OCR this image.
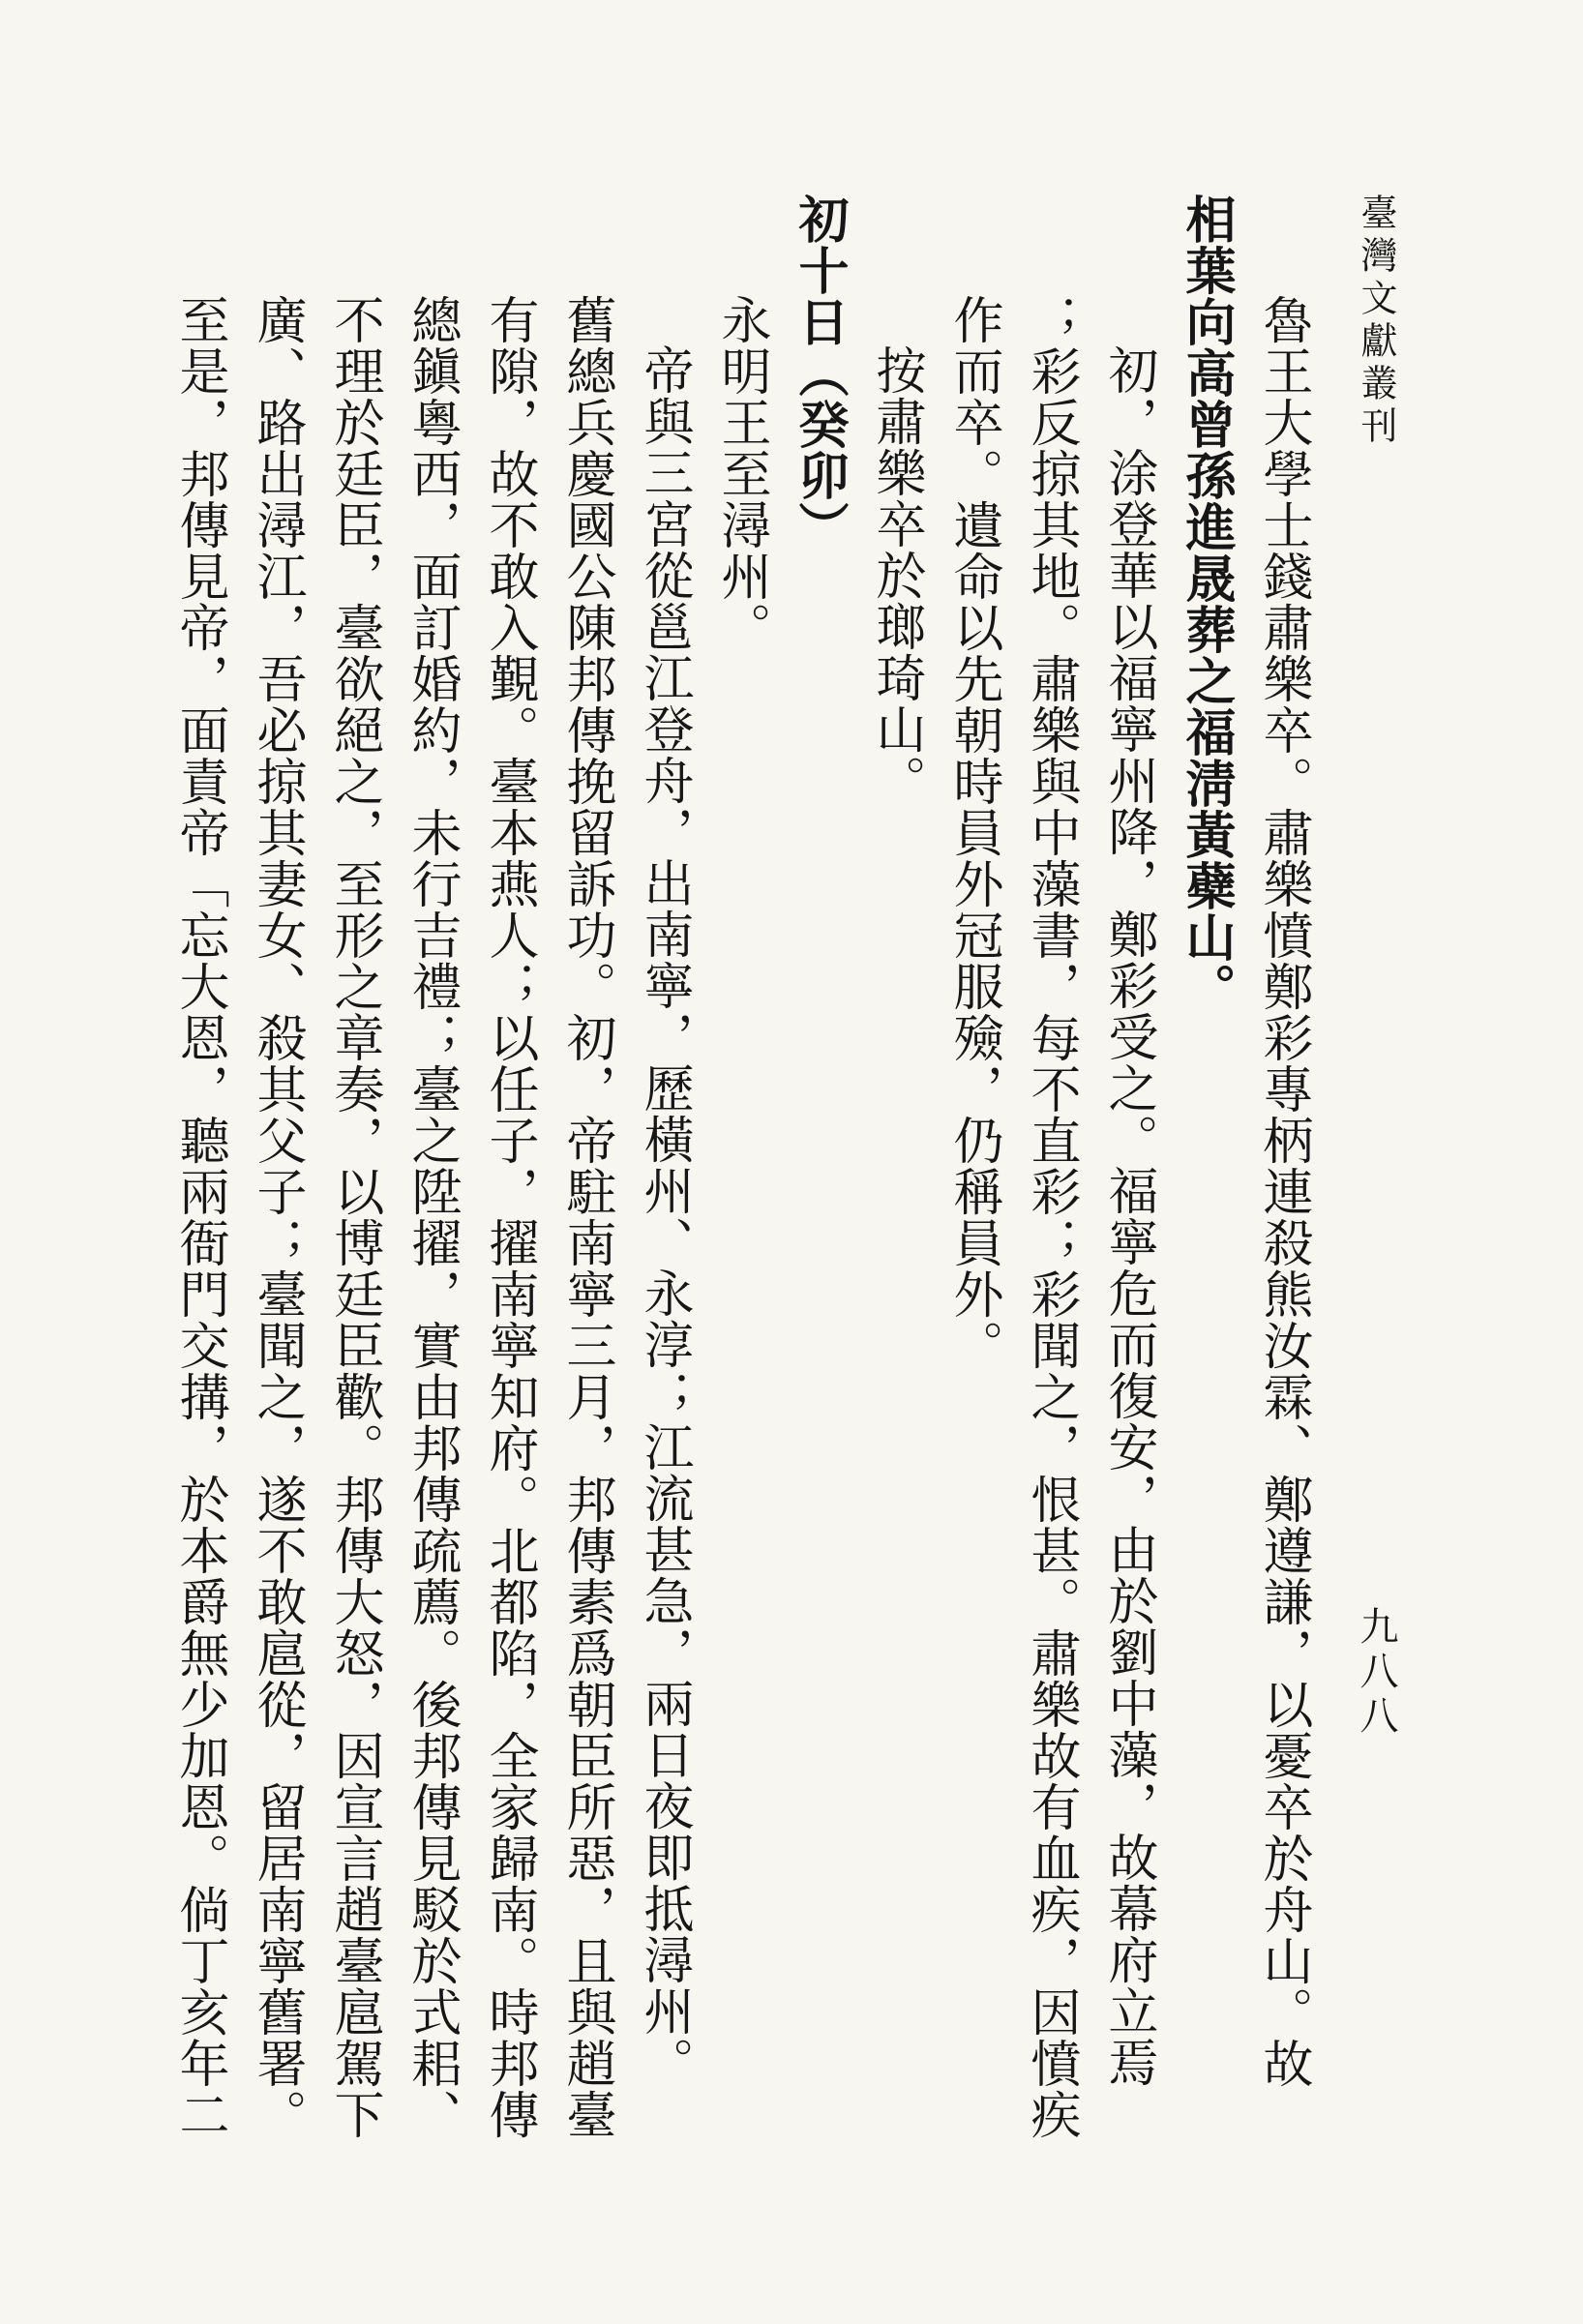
臺灣文獻叢刊
九八八
魯王大學士錢肅樂卒。肅樂憤鄭彩專柄連殺熊汝霖、鄭遵謙，以憂卒於舟山。故
相葉向高曾孫進晟葬之福淸黃蘗山。
初，涂登華以福寧州降，鄭彩受之。福寧危而復安，由於劉中藻，故幕府立焉
；彩反掠其地。肅樂與中藻書，每不直彩；彩聞之，恨甚。肅樂故有血疾，因憤疾
作而卒。遺命以先朝時員外冠服殮，仍稱員外。
按肅樂卒於瑯琦山。
初十日（癸卯）
永明王至潯州。
帝與三宮從邕江登舟，出南寧，歷橫州、永淳；江流甚急，兩日夜即抵潯州。
舊總兵慶國公陳邦傳挽留訴功。初，帝駐南寧三月，邦傳素爲朝臣所惡，且與趙臺
有隙，故不敢入覲。臺本燕人；以任子，擢南寧知府。北都陷，全家歸南。時邦傳
總鎭粵西，面訂婚約，未行吉禮；臺之陞擢，實由邦傳疏薦。後邦傳見駁於式耜、
不理於廷臣，臺欲絕之，至形之章奏，以博廷臣歡。邦傳大怒，因宣言趙臺扈駕下
廣、路出潯江，吾必掠其妻女、殺其父子；臺聞之，遂不敢扈從，留居南寧舊署。
至是，邦傳見帝，面責帝「忘大恩，聽兩衙門交搆，於本爵無少加恩。倘丁亥年二
